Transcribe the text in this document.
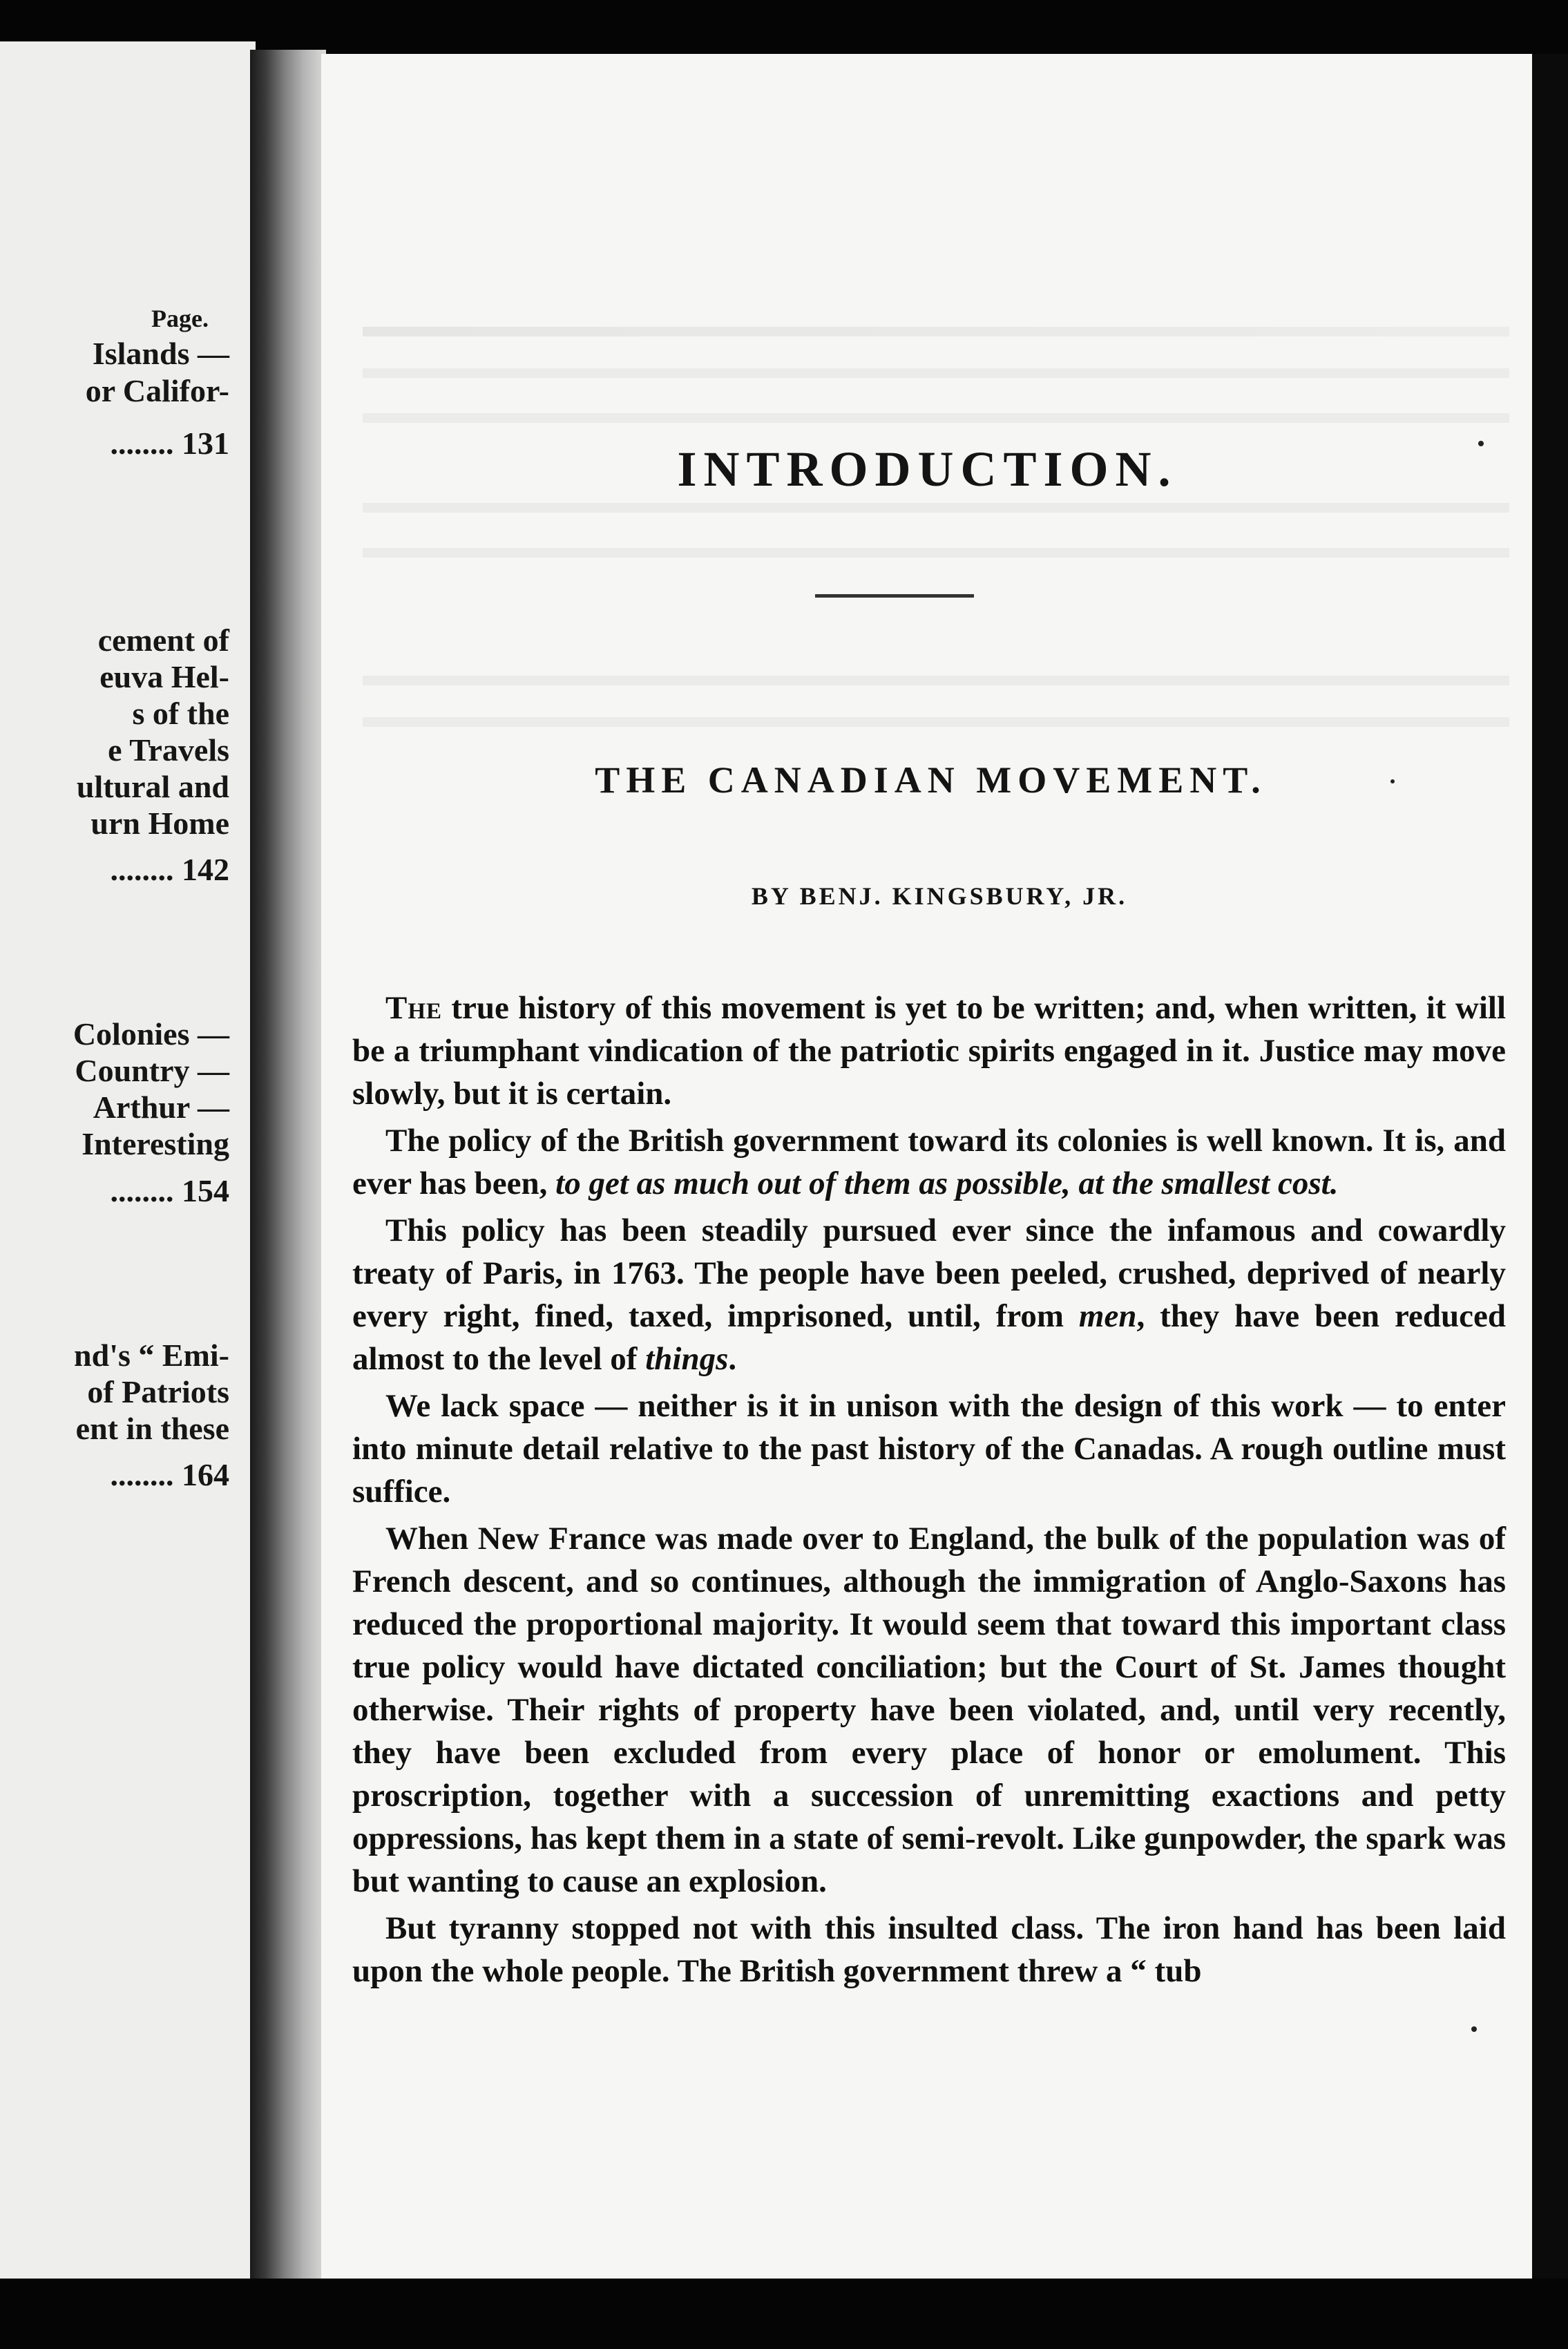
Page.
Islands —
or Califor-
........ 131
cement of
euva Hel-
s of the
e Travels
ultural and
urn Home
........ 142
Colonies —
Country —
Arthur —
Interesting
........ 154
nd's “ Emi-
of Patriots
ent in these
........ 164
INTRODUCTION.
THE CANADIAN MOVEMENT.
BY BENJ. KINGSBURY, JR.

The true history of this movement is yet to be written; and, when written, it will be a triumphant vindication of the patriotic spirits engaged in it. Justice may move slowly, but it is certain.

The policy of the British government toward its colonies is well known. It is, and ever has been, to get as much out of them as possible, at the smallest cost.

This policy has been steadily pursued ever since the infamous and cowardly treaty of Paris, in 1763. The people have been peeled, crushed, deprived of nearly every right, fined, taxed, imprisoned, until, from men, they have been reduced almost to the level of things.

We lack space — neither is it in unison with the design of this work — to enter into minute detail relative to the past history of the Canadas. A rough outline must suffice.

When New France was made over to England, the bulk of the population was of French descent, and so continues, although the immigration of Anglo-Saxons has reduced the proportional majority. It would seem that toward this important class true policy would have dictated conciliation; but the Court of St. James thought otherwise. Their rights of property have been violated, and, until very recently, they have been excluded from every place of honor or emolument. This proscription, together with a succession of unremitting exactions and petty oppressions, has kept them in a state of semi-revolt. Like gunpowder, the spark was but wanting to cause an explosion.

But tyranny stopped not with this insulted class. The iron hand has been laid upon the whole people. The British government threw a “ tub
